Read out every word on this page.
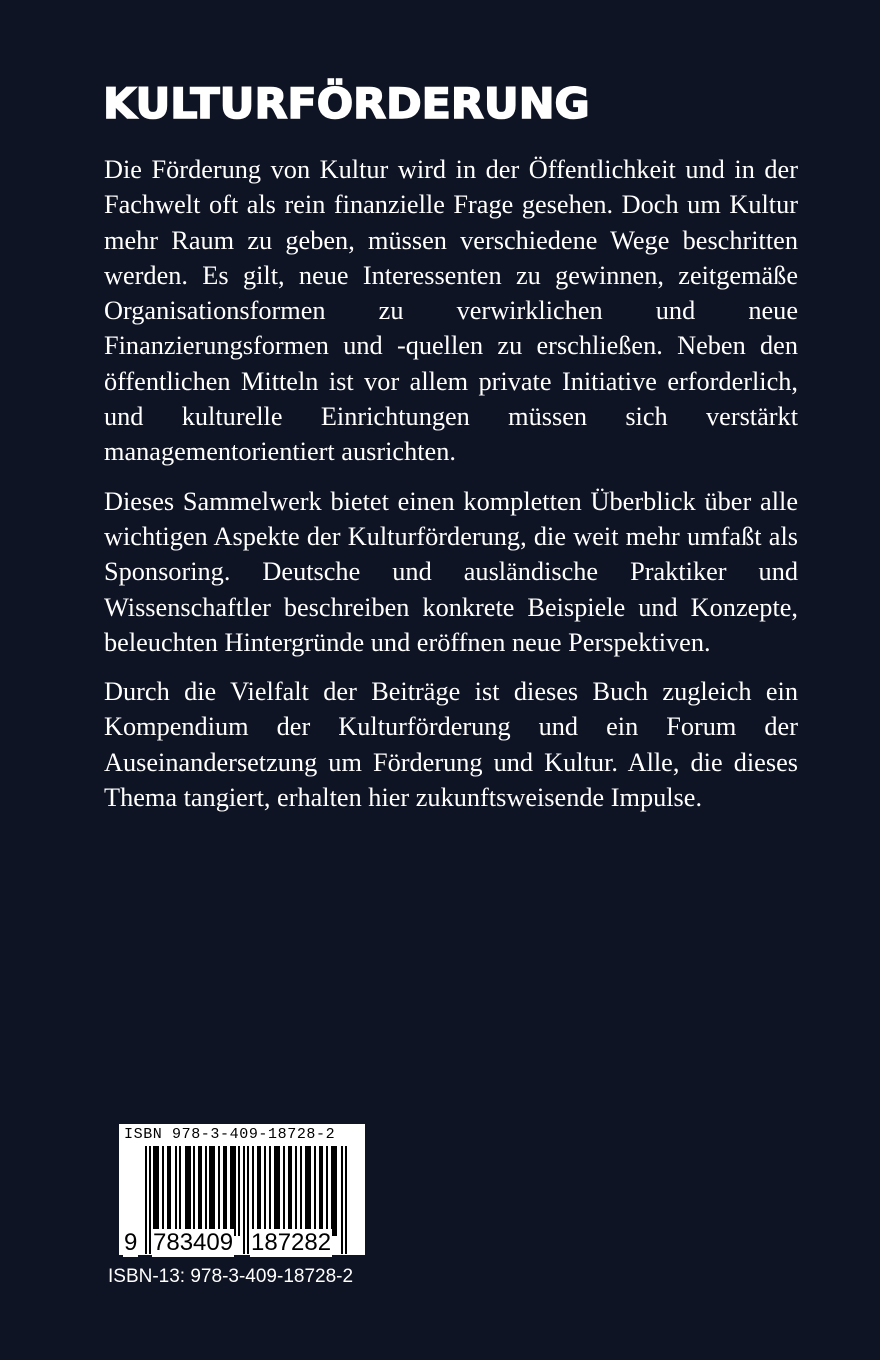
KULTURFÖRDERUNG

Die Förderung von Kultur wird in der Öffentlichkeit und in der Fachwelt oft als rein finanzielle Frage gesehen. Doch um Kultur mehr Raum zu geben, müssen verschiedene Wege beschritten werden. Es gilt, neue Interessenten zu gewinnen, zeitgemäße Organisationsformen zu verwirklichen und neue Finanzierungsformen und -quellen zu erschließen. Neben den öffentlichen Mitteln ist vor allem private Initiative erforderlich, und kulturelle Einrichtungen müssen sich verstärkt managementorientiert ausrichten.

Dieses Sammelwerk bietet einen kompletten Überblick über alle wichtigen Aspekte der Kulturförderung, die weit mehr umfaßt als Sponsoring. Deutsche und ausländische Praktiker und Wissenschaftler beschreiben konkrete Beispiele und Konzepte, beleuchten Hintergründe und eröffnen neue Perspektiven.

Durch die Vielfalt der Beiträge ist dieses Buch zugleich ein Kompendium der Kulturförderung und ein Forum der Auseinandersetzung um Förderung und Kultur. Alle, die dieses Thema tangiert, erhalten hier zukunftsweisende Impulse.

ISBN 978-3-409-18728-2
9 783409 187282
ISBN-13: 978-3-409-18728-2
